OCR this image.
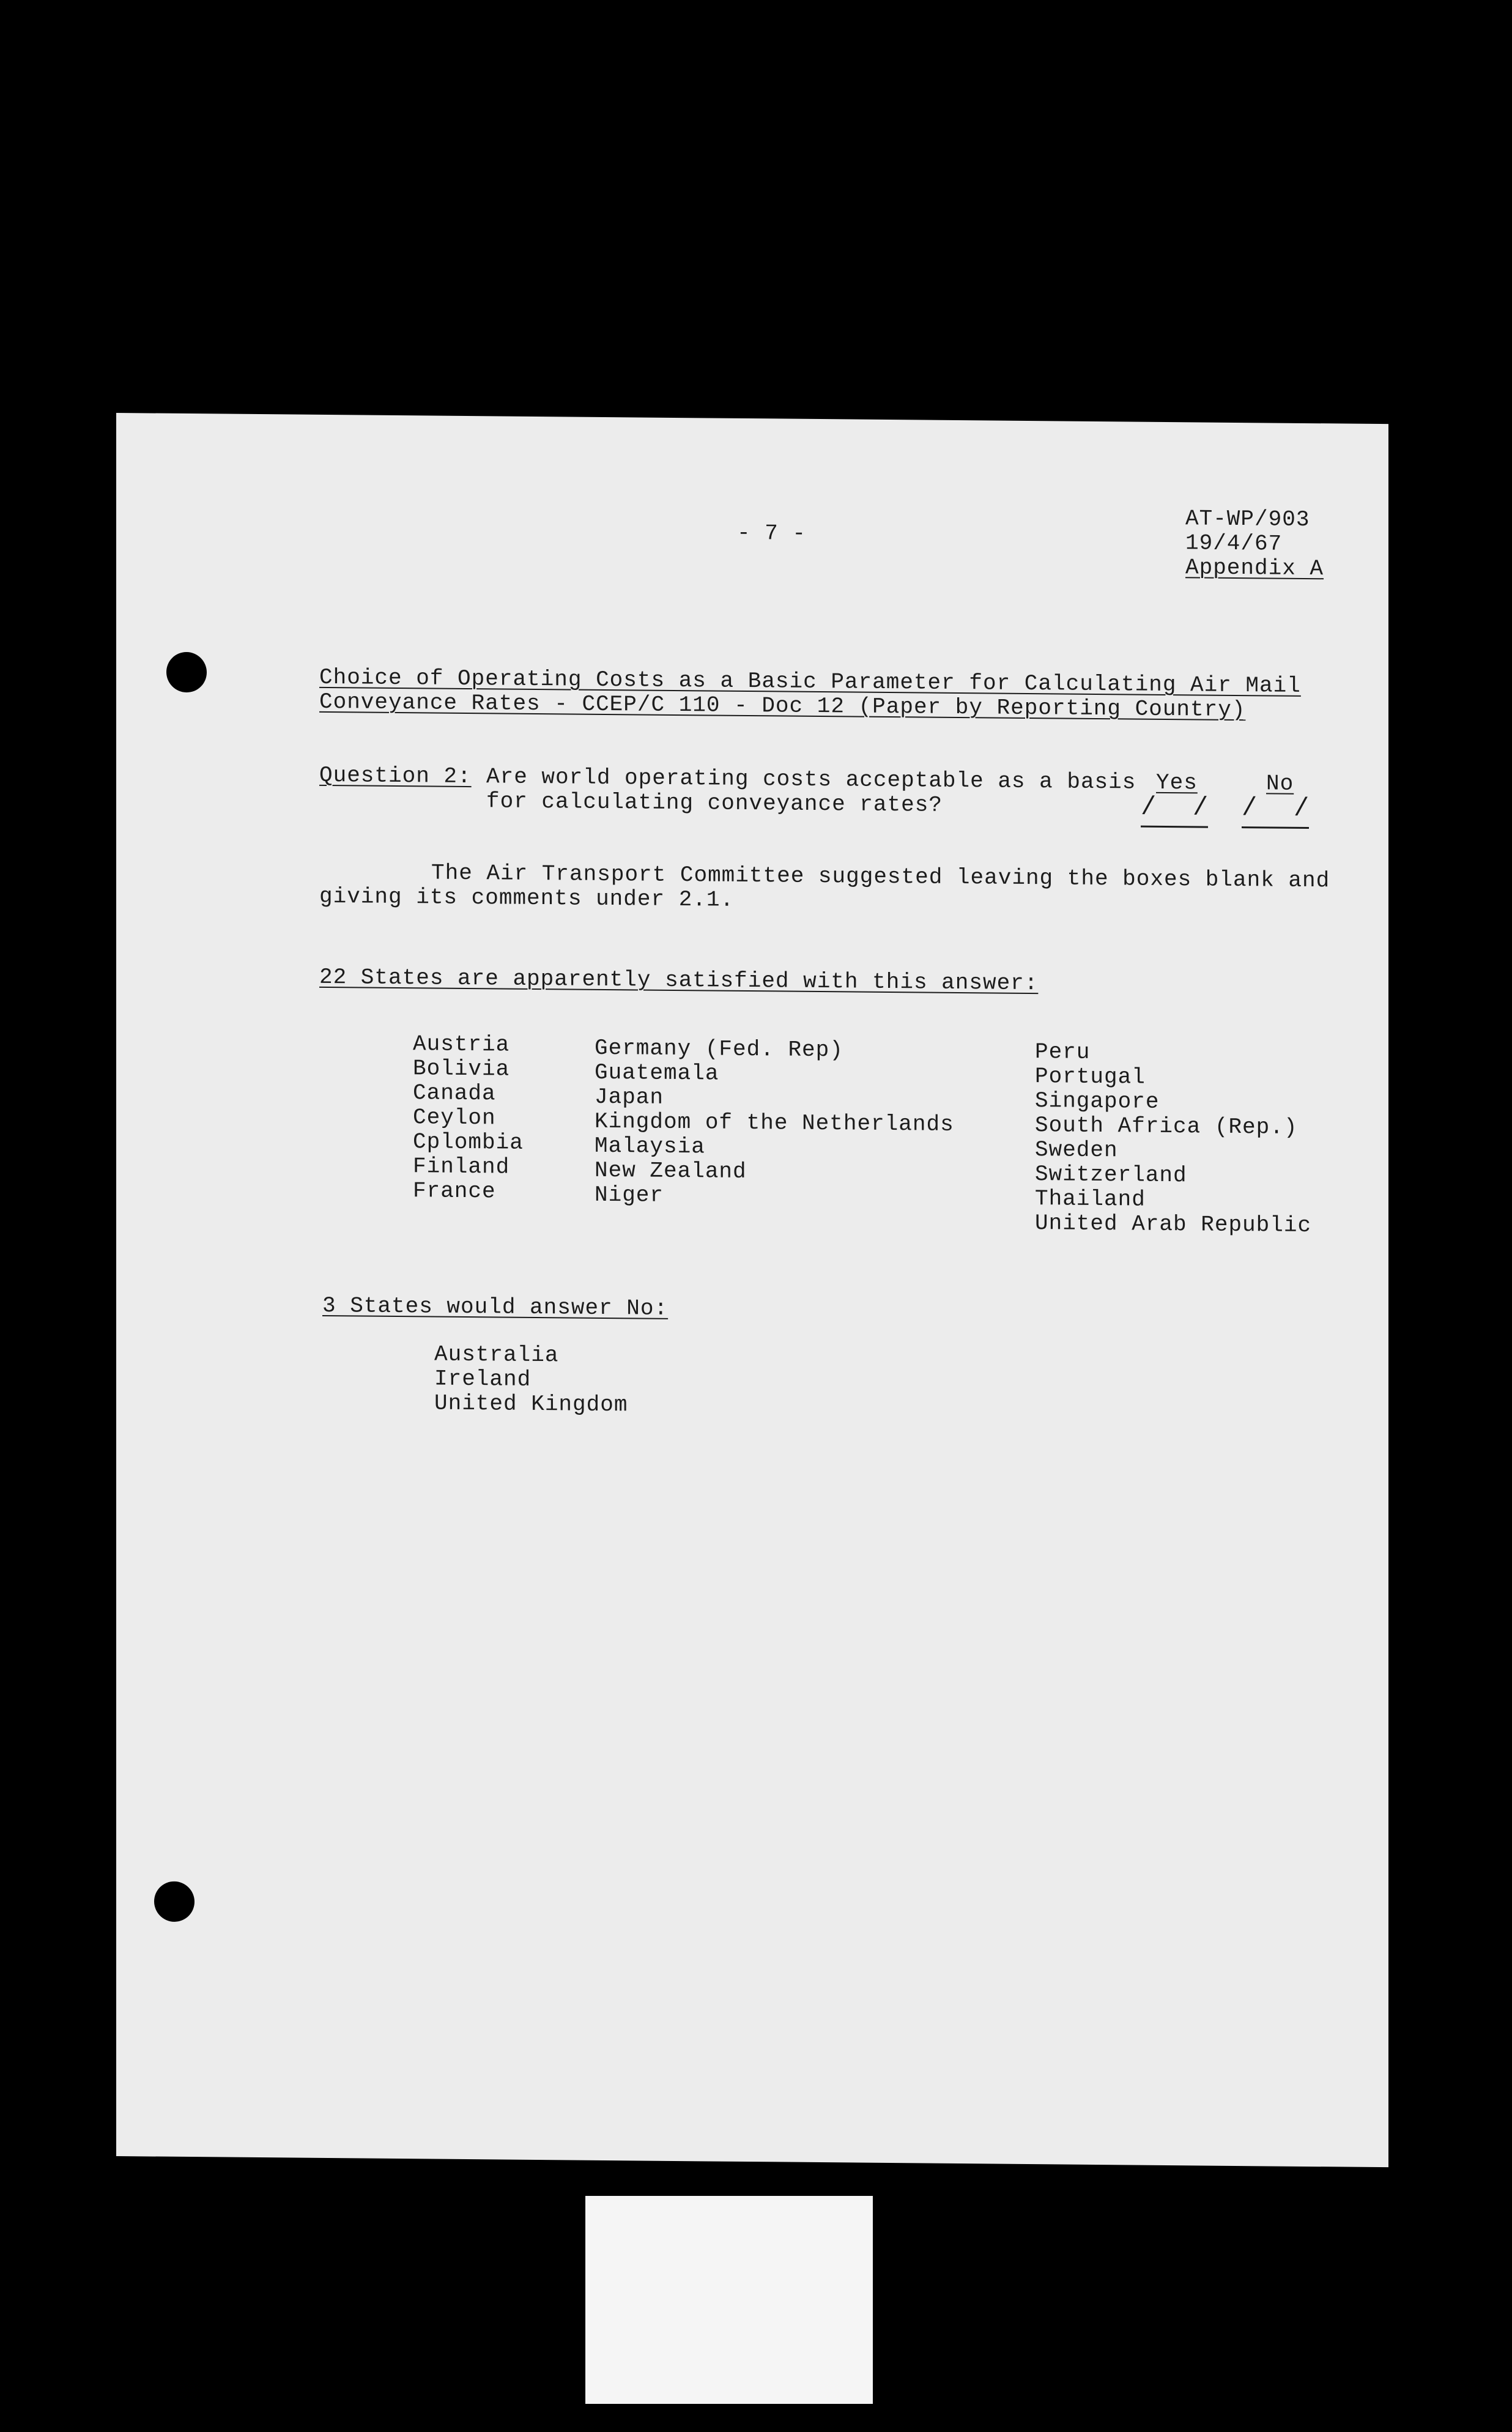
- 7 -
AT-WP/903
19/4/67
Appendix A
Choice of Operating Costs as a Basic Parameter for Calculating Air Mail
Conveyance Rates - CCEP/C 110 - Doc 12 (Paper by Reporting Country)
Question 2: Are world operating costs acceptable as a basis
for calculating conveyance rates?
Yes	No
/ / / /
The Air Transport Committee suggested leaving the boxes blank and
giving its comments under 2.1.
22 States are apparently satisfied with this answer:
Austria
Bolivia
Canada
Ceylon
Cplombia
Finland
France
Germany (Fed. Rep)
Guatemala
Japan
Kingdom of the Netherlands
Malaysia
New Zealand
Niger
Peru
Portugal
Singapore
South Africa (Rep.)
Sweden
Switzerland
Thailand
United Arab Republic
3 States would answer No:
Australia
Ireland
United Kingdom
